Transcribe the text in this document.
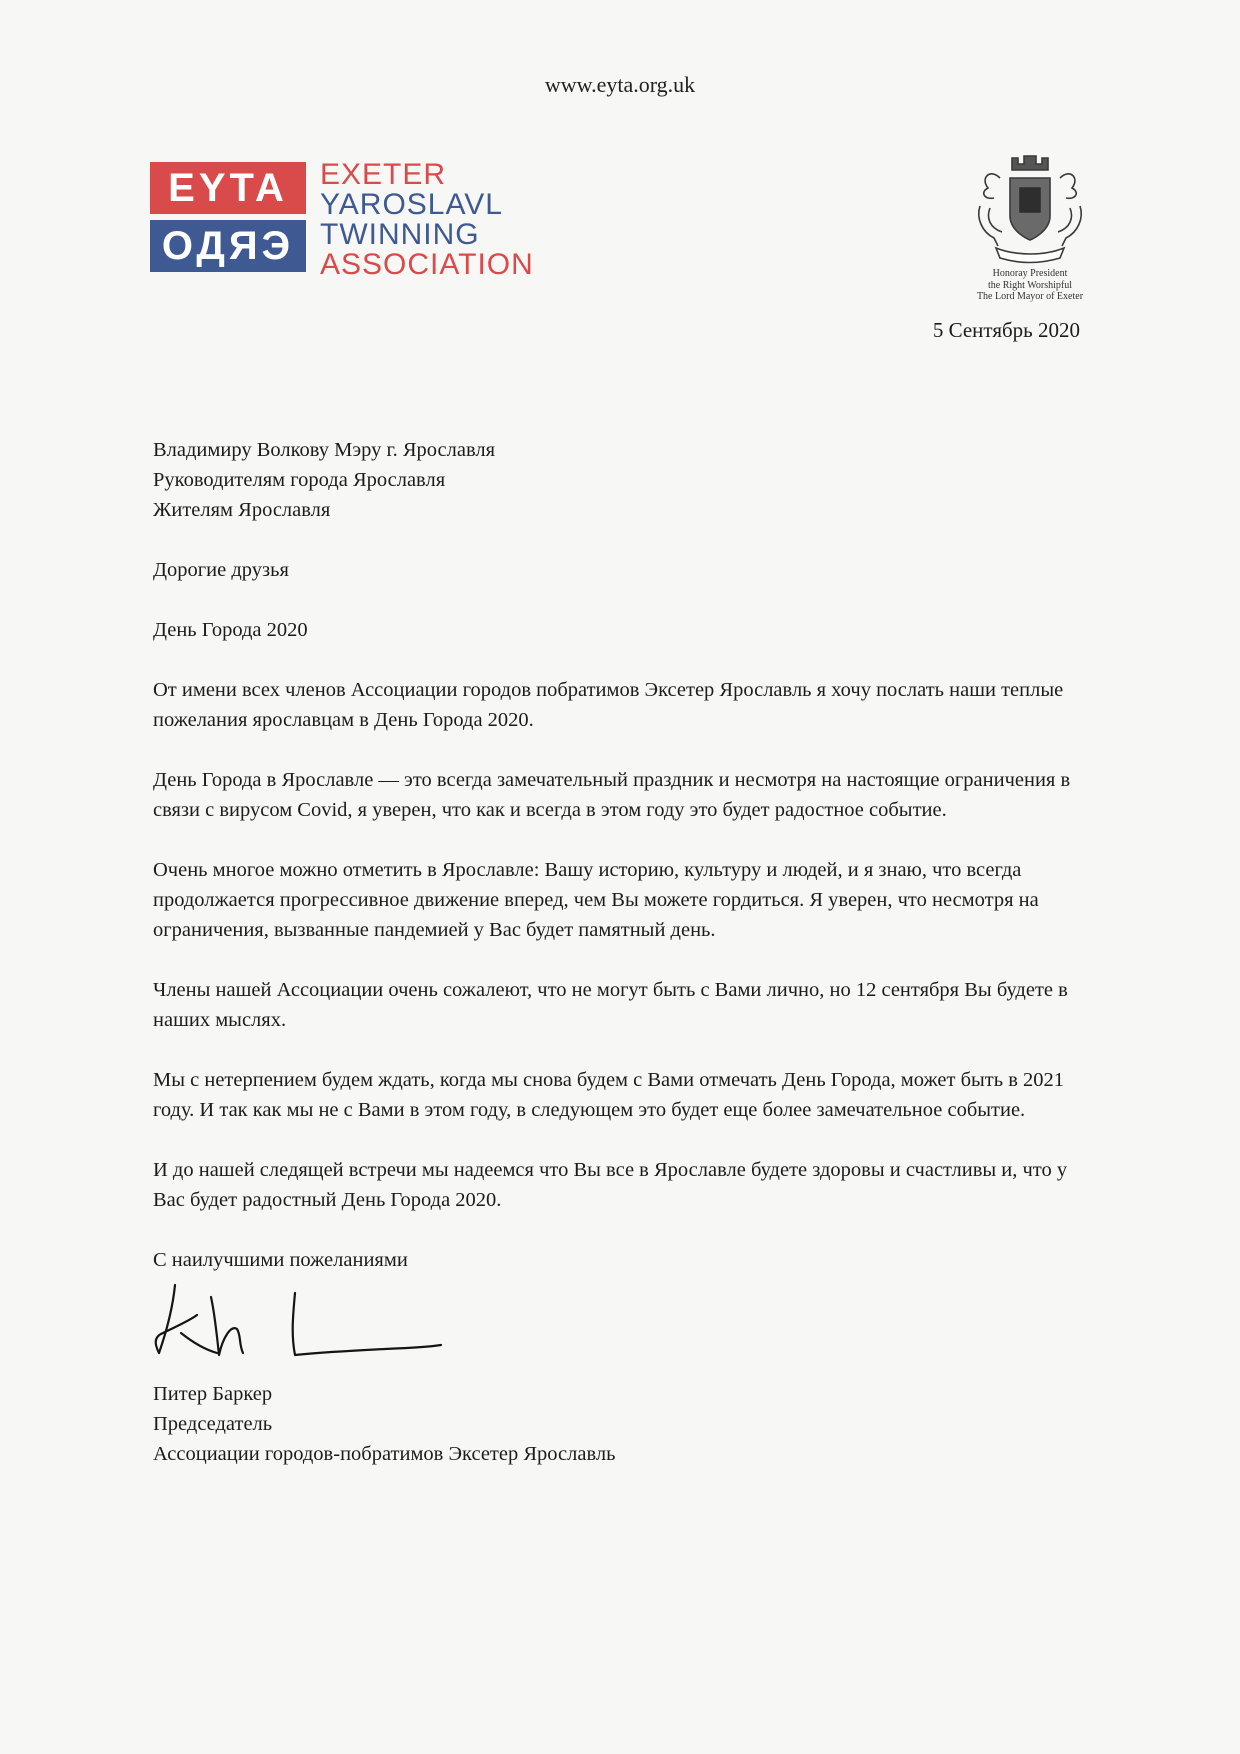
www.eyta.org.uk
EYTA
ОДЯЭ
EXETER
YAROSLAVL
TWINNING
ASSOCIATION	Honoray President
the Right Worshipful
The Lord Mayor of Exeter
5 Сентябрь 2020

Владимиру Волкову Мэру г. Ярославля
Руководителям города Ярославля
Жителям Ярославля

Дорогие друзья

День Города 2020

От имени всех членов Ассоциации городов побратимов Эксетер Ярославль я хочу послать наши теплые пожелания ярославцам в День Города 2020.

День Города в Ярославле — это всегда замечательный праздник и несмотря на настоящие ограничения в связи с вирусом Covid, я уверен, что как и всегда в этом году это будет радостное событие.

Очень многое можно отметить в Ярославле: Вашу историю, культуру и людей, и я знаю, что всегда продолжается прогрессивное движение вперед, чем Вы можете гордиться. Я уверен, что несмотря на ограничения, вызванные пандемией у Вас будет памятный день.

Члены нашей Ассоциации очень сожалеют, что не могут быть с Вами лично, но 12 сентября Вы будете в наших мыслях.

Мы с нетерпением будем ждать, когда мы снова будем с Вами отмечать День Города, может быть в 2021 году. И так как мы не с Вами в этом году, в следующем это будет еще более замечательное событие.

И до нашей следящей встречи мы надеемся что Вы все в Ярославле будете здоровы и счастливы и, что у Вас будет радостный День Города 2020.

С наилучшими пожеланиями

Питер Баркер
Председатель
Ассоциации городов-побратимов Эксетер Ярославль
